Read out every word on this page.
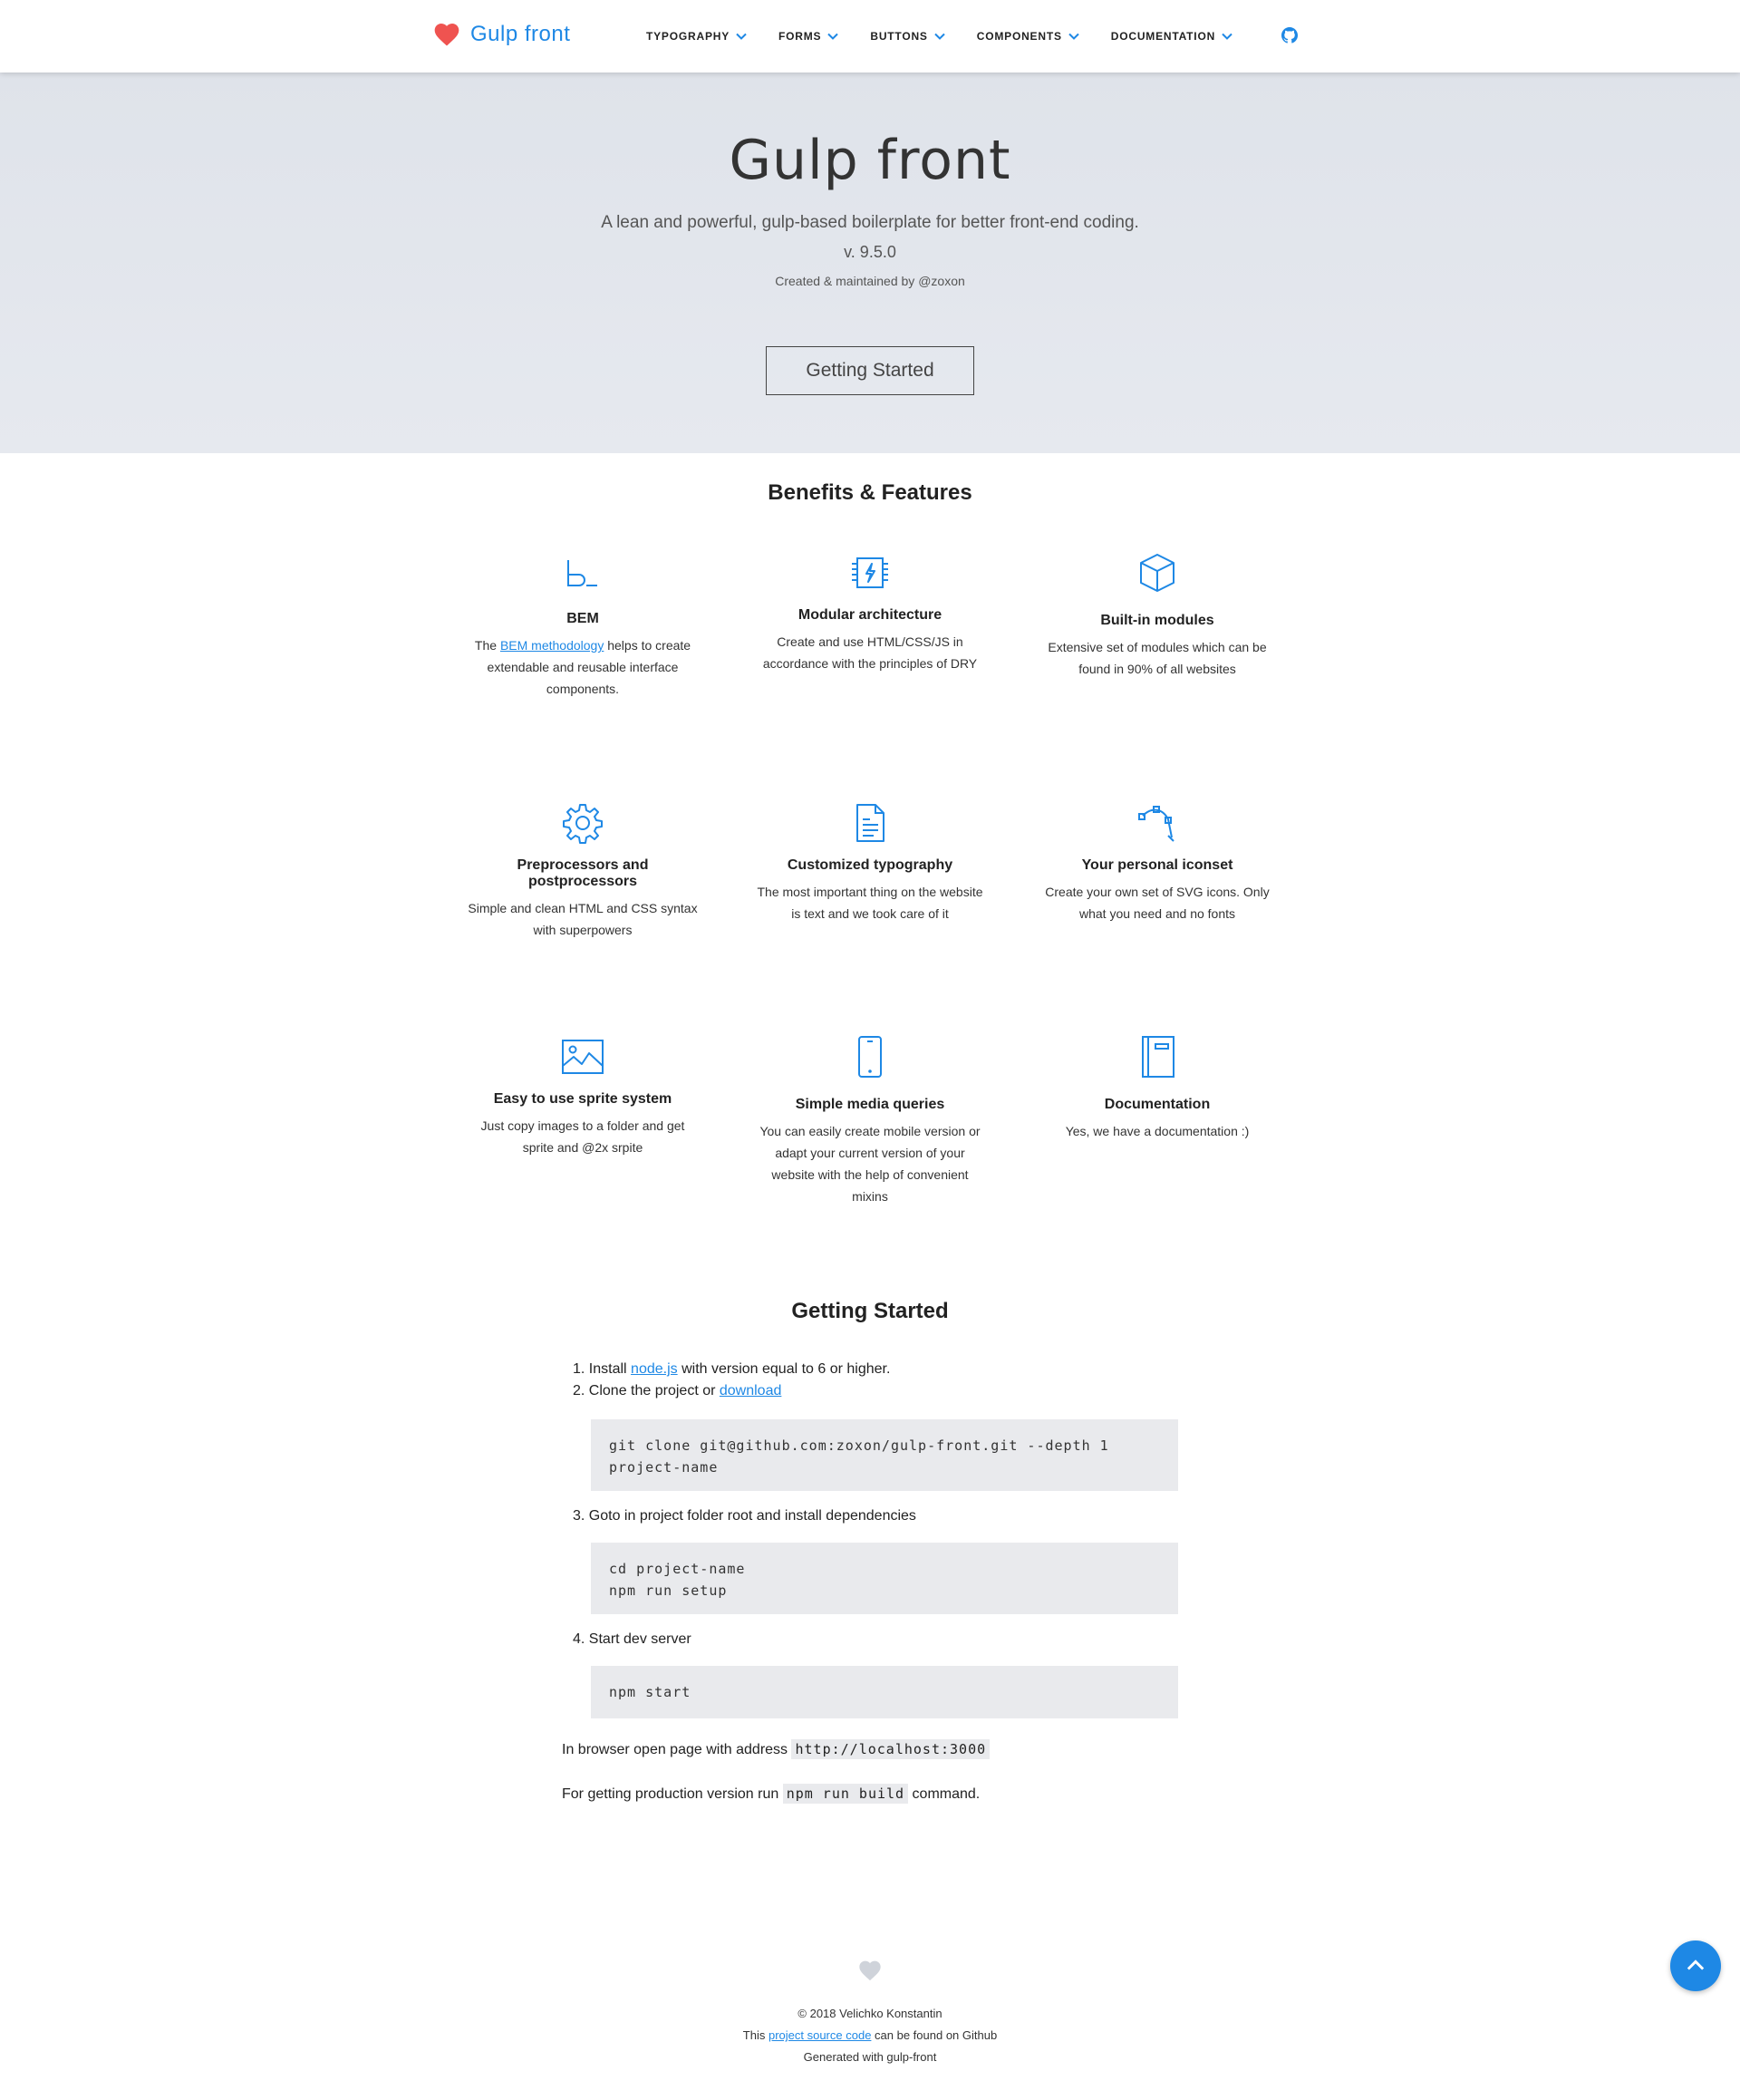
Gulp front	TYPOGRAPHY	FORMS	BUTTONS	COMPONENTS	DOCUMENTATION
Gulp front

A lean and powerful, gulp-based boilerplate for better front-end coding.

v. 9.5.0

Created & maintained by @zoxon

Getting Started
Benefits & Features
BEM
The BEM methodology helps to create extendable and reusable interface components.
Modular architecture
Create and use HTML/CSS/JS in accordance with the principles of DRY
Built-in modules
Extensive set of modules which can be found in 90% of all websites
Preprocessors and postprocessors
Simple and clean HTML and CSS syntax with superpowers
Customized typography
The most important thing on the website is text and we took care of it
Your personal iconset
Create your own set of SVG icons. Only what you need and no fonts
Easy to use sprite system
Just copy images to a folder and get sprite and @2x srpite
Simple media queries
You can easily create mobile version or adapt your current version of your website with the help of convenient mixins
Documentation
Yes, we have a documentation :)
Getting Started
1. Install node.js with version equal to 6 or higher.
2. Clone the project or download
git clone git@github.com:zoxon/gulp-front.git --depth 1
project-name
3. Goto in project folder root and install dependencies
cd project-name
npm run setup
4. Start dev server
npm start
In browser open page with address http://localhost:3000
For getting production version run npm run build command.
© 2018 Velichko Konstantin
This project source code can be found on Github
Generated with gulp-front
